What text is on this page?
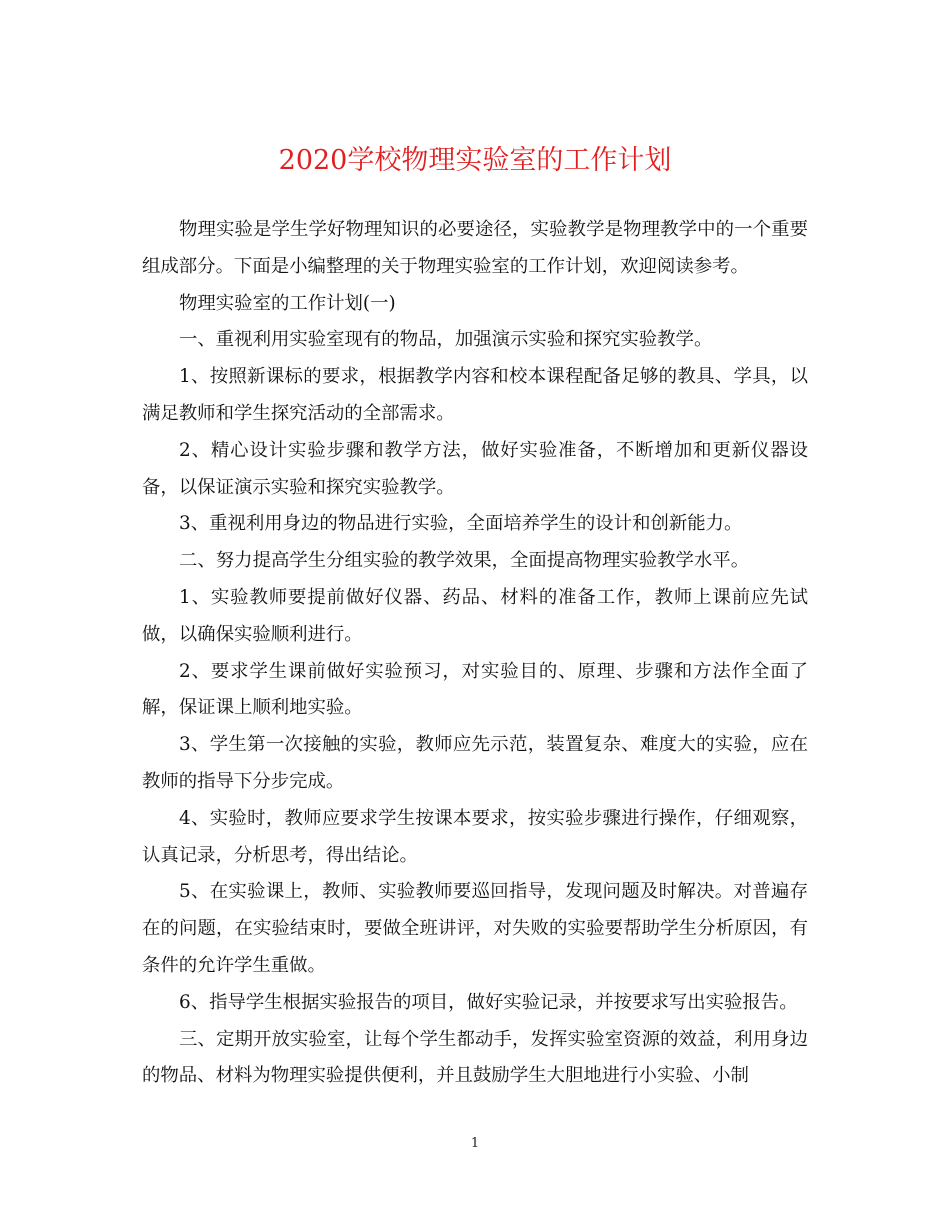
2020学校物理实验室的工作计划

物理实验是学生学好物理知识的必要途径，实验教学是物理教学中的一个重要组成部分。下面是小编整理的关于物理实验室的工作计划，欢迎阅读参考。

物理实验室的工作计划(一)

一、重视利用实验室现有的物品，加强演示实验和探究实验教学。

1、按照新课标的要求，根据教学内容和校本课程配备足够的教具、学具，以满足教师和学生探究活动的全部需求。

2、精心设计实验步骤和教学方法，做好实验准备，不断增加和更新仪器设备，以保证演示实验和探究实验教学。

3、重视利用身边的物品进行实验，全面培养学生的设计和创新能力。

二、努力提高学生分组实验的教学效果，全面提高物理实验教学水平。

1、实验教师要提前做好仪器、药品、材料的准备工作，教师上课前应先试做，以确保实验顺利进行。

2、要求学生课前做好实验预习，对实验目的、原理、步骤和方法作全面了解，保证课上顺利地实验。

3、学生第一次接触的实验，教师应先示范，装置复杂、难度大的实验，应在教师的指导下分步完成。

4、实验时，教师应要求学生按课本要求，按实验步骤进行操作，仔细观察，认真记录，分析思考，得出结论。

5、在实验课上，教师、实验教师要巡回指导，发现问题及时解决。对普遍存在的问题，在实验结束时，要做全班讲评，对失败的实验要帮助学生分析原因，有条件的允许学生重做。

6、指导学生根据实验报告的项目，做好实验记录，并按要求写出实验报告。

三、定期开放实验室，让每个学生都动手，发挥实验室资源的效益，利用身边的物品、材料为物理实验提供便利，并且鼓励学生大胆地进行小实验、小制

1
